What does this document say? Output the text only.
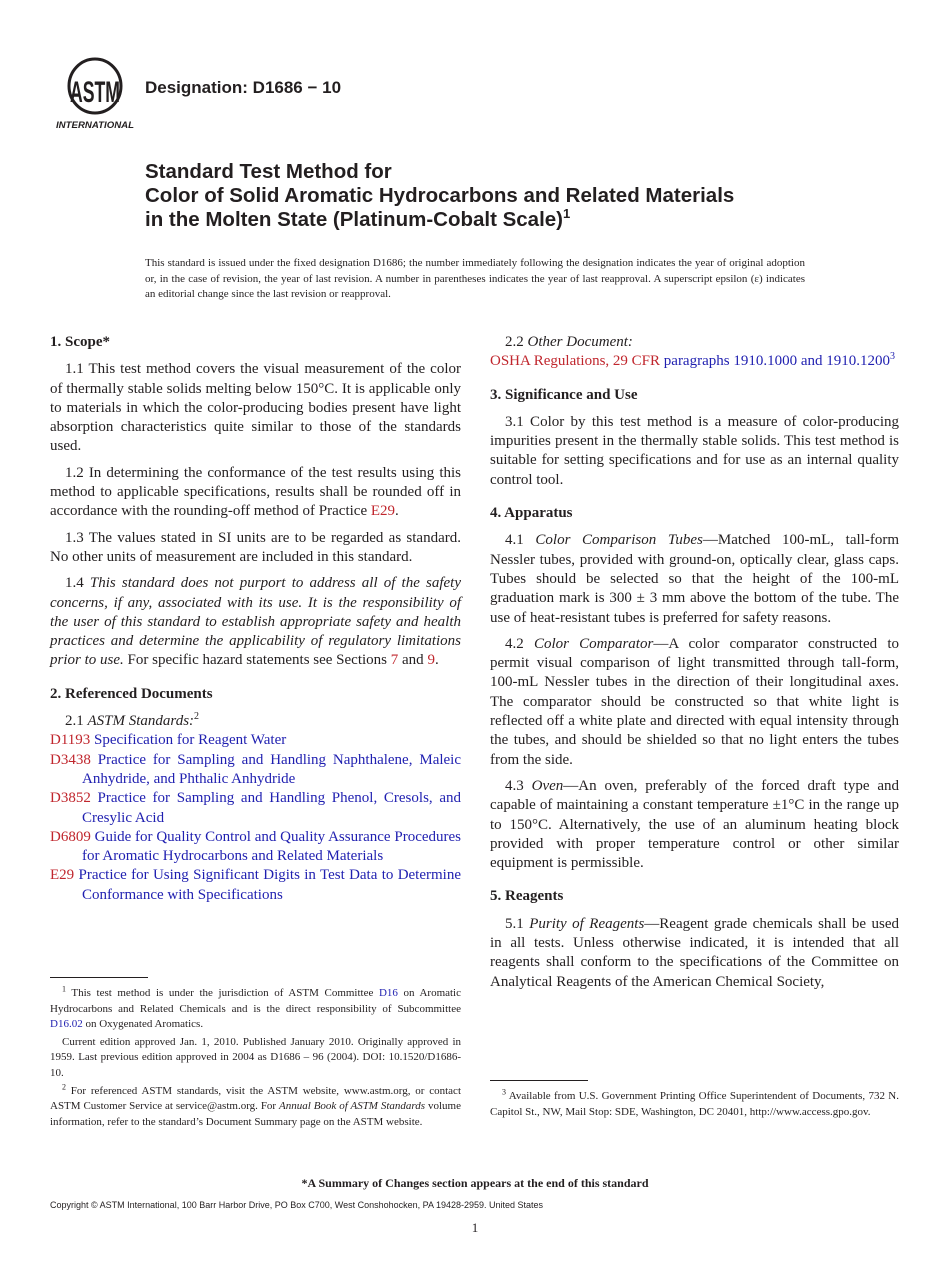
ASTM
INTERNATIONAL
Designation: D1686 − 10
Standard Test Method for
Color of Solid Aromatic Hydrocarbons and Related Materials
in the Molten State (Platinum-Cobalt Scale)$^1$
This standard is issued under the fixed designation D1686; the number immediately following the designation indicates the year of original adoption or, in the case of revision, the year of last revision. A number in parentheses indicates the year of last reapproval. A superscript epsilon (ε) indicates an editorial change since the last revision or reapproval.
1. Scope*

1.1 This test method covers the visual measurement of the color of thermally stable solids melting below 150°C. It is applicable only to materials in which the color-producing bodies present have light absorption characteristics quite similar to those of the standards used.

1.2 In determining the conformance of the test results using this method to applicable specifications, results shall be rounded off in accordance with the rounding-off method of Practice E29.

1.3 The values stated in SI units are to be regarded as standard. No other units of measurement are included in this standard.

1.4 This standard does not purport to address all of the safety concerns, if any, associated with its use. It is the responsibility of the user of this standard to establish appropriate safety and health practices and determine the applicability of regulatory limitations prior to use. For specific hazard statements see Sections 7 and 9.

2. Referenced Documents

2.1 ASTM Standards:$^2$

D1193 Specification for Reagent Water

D3438 Practice for Sampling and Handling Naphthalene, Maleic Anhydride, and Phthalic Anhydride

D3852 Practice for Sampling and Handling Phenol, Cresols, and Cresylic Acid

D6809 Guide for Quality Control and Quality Assurance Procedures for Aromatic Hydrocarbons and Related Materials

E29 Practice for Using Significant Digits in Test Data to Determine Conformance with Specifications

$^1$ This test method is under the jurisdiction of ASTM Committee D16 on Aromatic Hydrocarbons and Related Chemicals and is the direct responsibility of Subcommittee D16.02 on Oxygenated Aromatics.

Current edition approved Jan. 1, 2010. Published January 2010. Originally approved in 1959. Last previous edition approved in 2004 as D1686 – 96 (2004). DOI: 10.1520/D1686-10.

$^2$ For referenced ASTM standards, visit the ASTM website, www.astm.org, or contact ASTM Customer Service at service@astm.org. For Annual Book of ASTM Standards volume information, refer to the standard’s Document Summary page on the ASTM website.

2.2 Other Document:

OSHA Regulations, 29 CFR paragraphs 1910.1000 and 1910.1200$^3$

3. Significance and Use

3.1 Color by this test method is a measure of color-producing impurities present in the thermally stable solids. This test method is suitable for setting specifications and for use as an internal quality control tool.

4. Apparatus

4.1 Color Comparison Tubes—Matched 100-mL, tall-form Nessler tubes, provided with ground-on, optically clear, glass caps. Tubes should be selected so that the height of the 100-mL graduation mark is 300 ± 3 mm above the bottom of the tube. The use of heat-resistant tubes is preferred for safety reasons.

4.2 Color Comparator—A color comparator constructed to permit visual comparison of light transmitted through tall-form, 100-mL Nessler tubes in the direction of their longitudinal axes. The comparator should be constructed so that white light is reflected off a white plate and directed with equal intensity through the tubes, and should be shielded so that no light enters the tubes from the side.

4.3 Oven—An oven, preferably of the forced draft type and capable of maintaining a constant temperature ±1°C in the range up to 150°C. Alternatively, the use of an aluminum heating block provided with proper temperature control or other similar equipment is permissible.

5. Reagents

5.1 Purity of Reagents—Reagent grade chemicals shall be used in all tests. Unless otherwise indicated, it is intended that all reagents shall conform to the specifications of the Committee on Analytical Reagents of the American Chemical Society,

$^3$ Available from U.S. Government Printing Office Superintendent of Documents, 732 N. Capitol St., NW, Mail Stop: SDE, Washington, DC 20401, http://www.access.gpo.gov.

*A Summary of Changes section appears at the end of this standard
Copyright © ASTM International, 100 Barr Harbor Drive, PO Box C700, West Conshohocken, PA 19428-2959. United States
1
